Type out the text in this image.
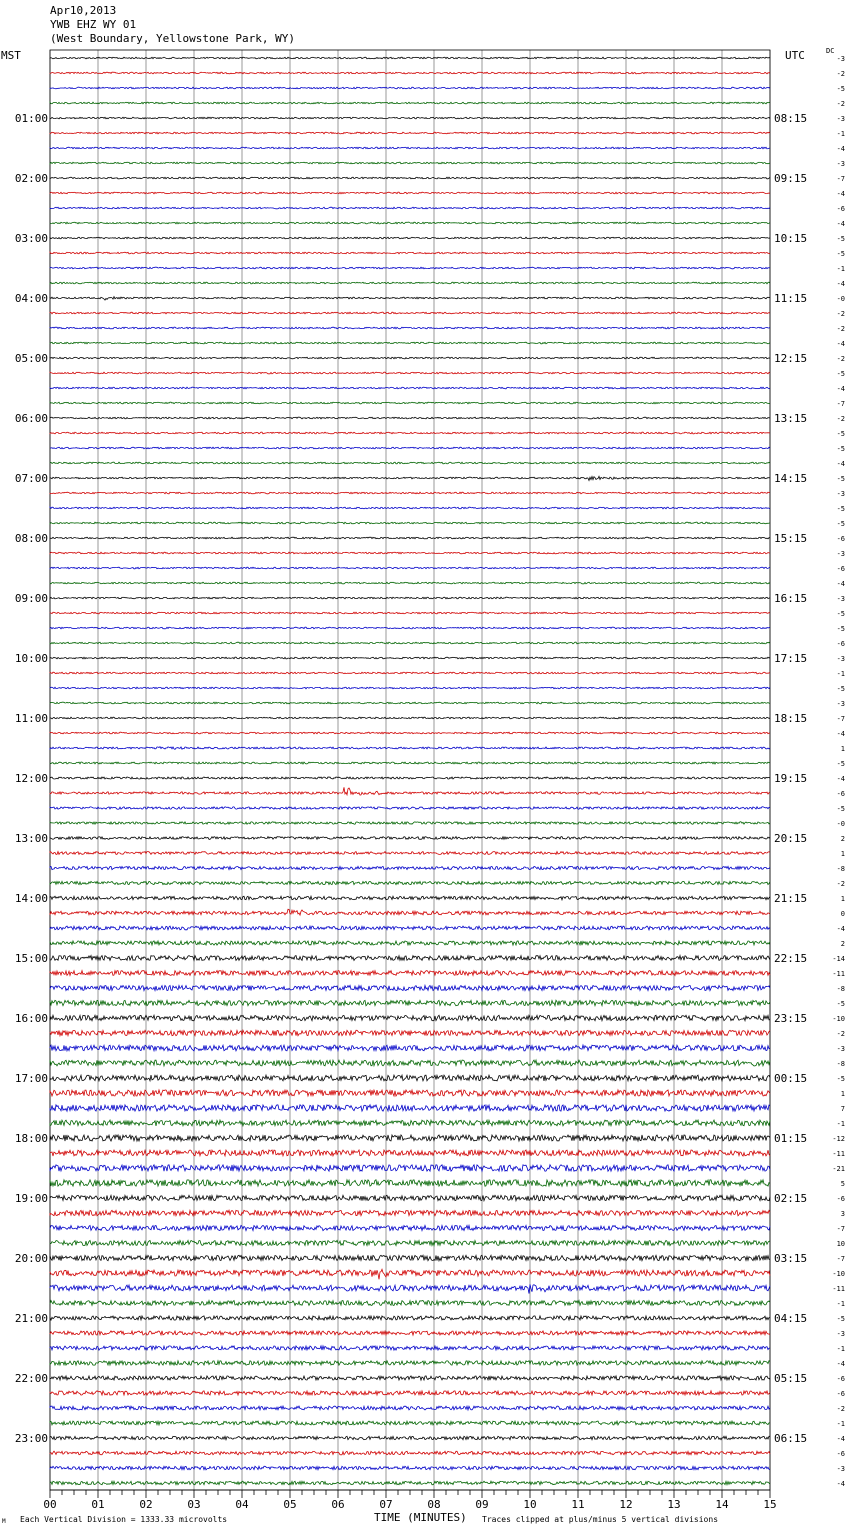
-3
-2
-5
-2
-3
01:00	08:15
-1
-4
-3
-7
02:00	09:15
-4
-6
-4
-5
03:00	10:15
-5
-1
-4
-0
04:00	11:15
-2
-2
-4
-2
05:00	12:15
-5
-4
-7
-2
06:00	13:15
-5
-5
-4
-5
07:00	14:15
-3
-5
-5
-6
08:00	15:15
-3
-6
-4
-3
09:00	16:15
-5
-5
-6
-3
10:00	17:15
-1
-5
-3
-7
11:00	18:15
-4
1
-5
-4
12:00	19:15
-6
-5
-0
2
13:00	20:15
1
-8
-2
1
14:00	21:15
0
-4
2
-14
15:00	22:15
-11
-8
-5
-10
16:00	23:15
-2
-3
-8
-5
17:00	00:15
1
7
-1
-12
18:00	01:15
-11
-21
5
-6
19:00	02:15
3
-7
10
-7
20:00	03:15
-10
-11
-1
-5
21:00	04:15
-3
-1
-4
-6
22:00	05:15
-6
-2
-1
-4
23:00	06:15
-6
-3
-4
00	01	02	03	04	05	06	07	08	09	10	11	12	13	14	15
Apr10,2013
YWB EHZ WY 01
(West Boundary, Yellowstone Park, WY)
MST	UTC	DC
Each Vertical Division = 1333.33 microvolts	TIME (MINUTES) Traces clipped at plus/minus 5 vertical divisions
M
